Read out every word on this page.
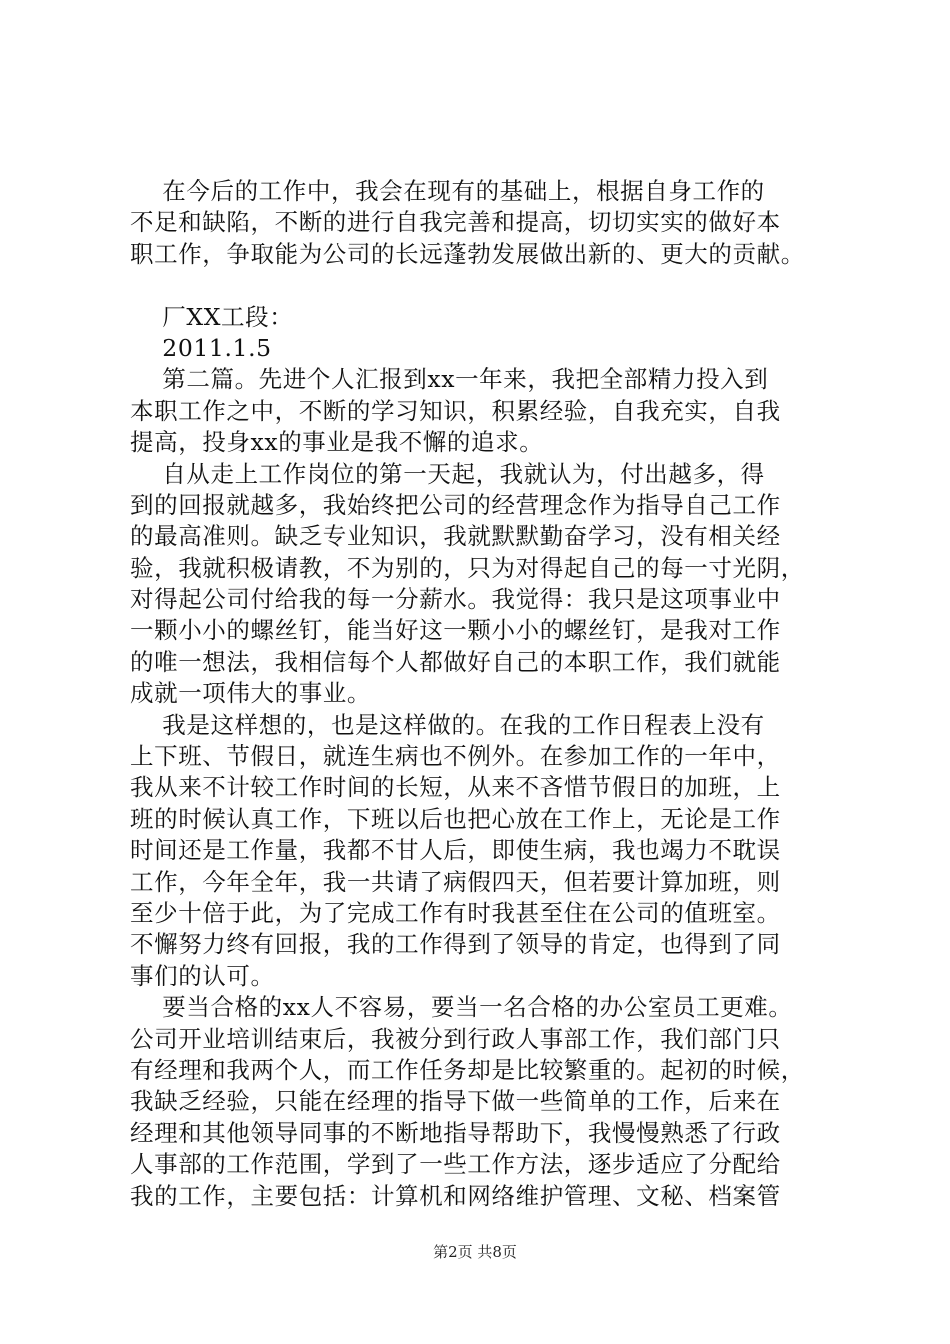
在今后的工作中，我会在现有的基础上，根据自身工作的
不足和缺陷，不断的进行自我完善和提高，切切实实的做好本
职工作，争取能为公司的长远蓬勃发展做出新的、更大的贡献。
厂XX工段：
2011.1.5
第二篇。先进个人汇报到xx一年来，我把全部精力投入到
本职工作之中，不断的学习知识，积累经验，自我充实，自我
提高，投身xx的事业是我不懈的追求。
自从走上工作岗位的第一天起，我就认为，付出越多，得
到的回报就越多，我始终把公司的经营理念作为指导自己工作
的最高准则。缺乏专业知识，我就默默勤奋学习，没有相关经
验，我就积极请教，不为别的，只为对得起自己的每一寸光阴，
对得起公司付给我的每一分薪水。我觉得：我只是这项事业中
一颗小小的螺丝钉，能当好这一颗小小的螺丝钉，是我对工作
的唯一想法，我相信每个人都做好自己的本职工作，我们就能
成就一项伟大的事业。
我是这样想的，也是这样做的。在我的工作日程表上没有
上下班、节假日，就连生病也不例外。在参加工作的一年中，
我从来不计较工作时间的长短，从来不吝惜节假日的加班，上
班的时候认真工作，下班以后也把心放在工作上，无论是工作
时间还是工作量，我都不甘人后，即使生病，我也竭力不耽误
工作，今年全年，我一共请了病假四天，但若要计算加班，则
至少十倍于此，为了完成工作有时我甚至住在公司的值班室。
不懈努力终有回报，我的工作得到了领导的肯定，也得到了同
事们的认可。
要当合格的xx人不容易，要当一名合格的办公室员工更难。
公司开业培训结束后，我被分到行政人事部工作，我们部门只
有经理和我两个人，而工作任务却是比较繁重的。起初的时候，
我缺乏经验，只能在经理的指导下做一些简单的工作，后来在
经理和其他领导同事的不断地指导帮助下，我慢慢熟悉了行政
人事部的工作范围，学到了一些工作方法，逐步适应了分配给
我的工作，主要包括：计算机和网络维护管理、文秘、档案管
第2页 共8页
